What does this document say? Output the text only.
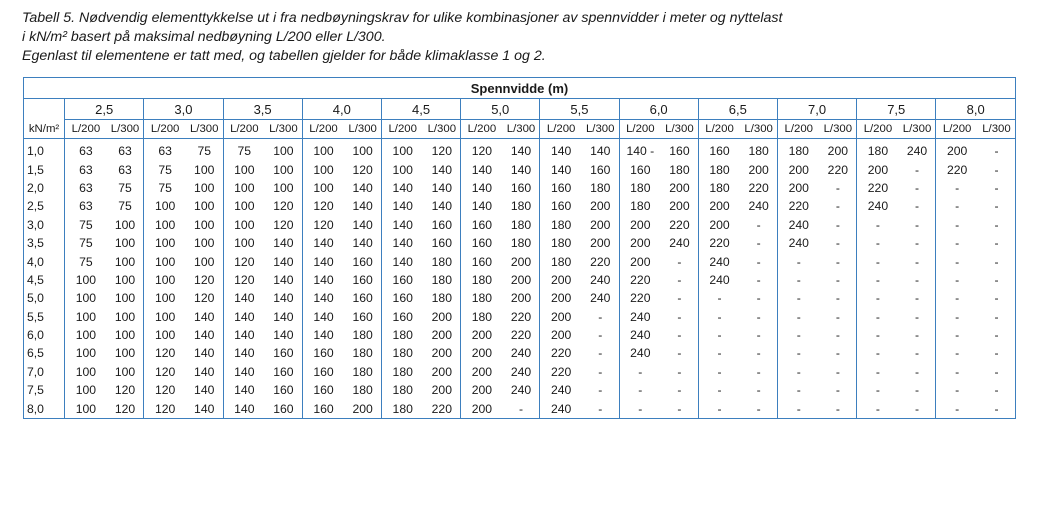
Tabell 5. Nødvendig elementtykkelse ut i fra nedbøyningskrav for ulike kombinasjoner av spennvidder i meter og nyttelast
i kN/m² basert på maksimal nedbøyning L/200 eller L/300.
Egenlast til elementene er tatt med, og tabellen gjelder for både klimaklasse 1 og 2.
Spennvidde (m)																								
	2,5		3,0		3,5		4,0		4,5		5,0		5,5		6,0		6,5		7,0		7,5		8,0	
kN/m²	L/200	L/300	L/200	L/300	L/200	L/300	L/200	L/300	L/200	L/300	L/200	L/300	L/200	L/300	L/200	L/300	L/200	L/300	L/200	L/300	L/200	L/300	L/200	L/300
1,0	63	63	63	75	75	100	100	100	100	120	120	140	140	140	140 -	160	160	180	180	200	180	240	200	-
1,5	63	63	75	100	100	100	100	120	100	140	140	140	140	160	160	180	180	200	200	220	200	-	220	-
2,0	63	75	75	100	100	100	100	140	140	140	140	160	160	180	180	200	180	220	200	-	220	-	-	-
2,5	63	75	100	100	100	120	120	140	140	140	140	180	160	200	180	200	200	240	220	-	240	-	-	-
3,0	75	100	100	100	100	120	120	140	140	160	160	180	180	200	200	220	200	-	240	-	-	-	-	-
3,5	75	100	100	100	100	140	140	140	140	160	160	180	180	200	200	240	220	-	240	-	-	-	-	-
4,0	75	100	100	100	120	140	140	160	140	180	160	200	180	220	200	-	240	-	-	-	-	-	-	-
4,5	100	100	100	120	120	140	140	160	160	180	180	200	200	240	220	-	240	-	-	-	-	-	-	-
5,0	100	100	100	120	140	140	140	160	160	180	180	200	200	240	220	-	-	-	-	-	-	-	-	-
5,5	100	100	100	140	140	140	140	160	160	200	180	220	200	-	240	-	-	-	-	-	-	-	-	-
6,0	100	100	100	140	140	140	140	180	180	200	200	220	200	-	240	-	-	-	-	-	-	-	-	-
6,5	100	100	120	140	140	160	160	180	180	200	200	240	220	-	240	-	-	-	-	-	-	-	-	-
7,0	100	100	120	140	140	160	160	180	180	200	200	240	220	-	-	-	-	-	-	-	-	-	-	-
7,5	100	120	120	140	140	160	160	180	180	200	200	240	240	-	-	-	-	-	-	-	-	-	-	-
8,0	100	120	120	140	140	160	160	200	180	220	200	-	240	-	-	-	-	-	-	-	-	-	-	-
